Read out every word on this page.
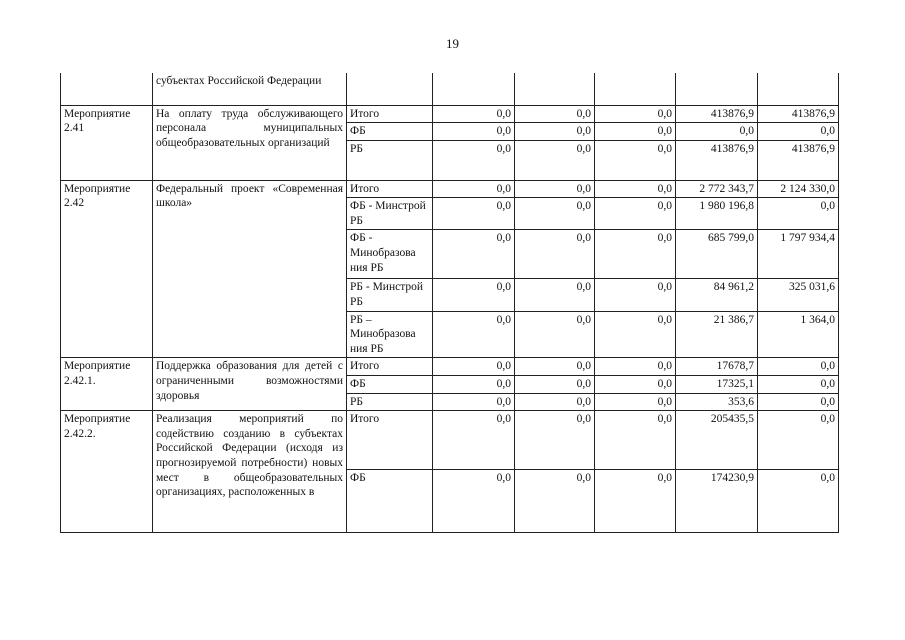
19
	субъектах Российской Федерации						
Мероприятие 2.41	На оплату труда обслуживающего персонала муниципальных общеобразовательных организаций	Итого	0,0	0,0	0,0	413876,9	413876,9
		ФБ	0,0	0,0	0,0	0,0	0,0
		РБ	0,0	0,0	0,0	413876,9	413876,9
Мероприятие 2.42	Федеральный проект «Современная школа»	Итого	0,0	0,0	0,0	2 772 343,7	2 124 330,0
		ФБ - Минстрой РБ	0,0	0,0	0,0	1 980 196,8	0,0
		ФБ - Минобразова ния РБ	0,0	0,0	0,0	685 799,0	1 797 934,4
		РБ - Минстрой РБ	0,0	0,0	0,0	84 961,2	325 031,6
		РБ – Минобразова ния РБ	0,0	0,0	0,0	21 386,7	1 364,0
Мероприятие 2.42.1.	Поддержка образования для детей с ограниченными возможностями здоровья	Итого	0,0	0,0	0,0	17678,7	0,0
		ФБ	0,0	0,0	0,0	17325,1	0,0
		РБ	0,0	0,0	0,0	353,6	0,0
Мероприятие 2.42.2.	Реализация мероприятий по содействию созданию в субъектах Российской Федерации (исходя из прогнозируемой потребности) новых мест в общеобразовательных организациях, расположенных в	Итого	0,0	0,0	0,0	205435,5	0,0
		ФБ	0,0	0,0	0,0	174230,9	0,0
